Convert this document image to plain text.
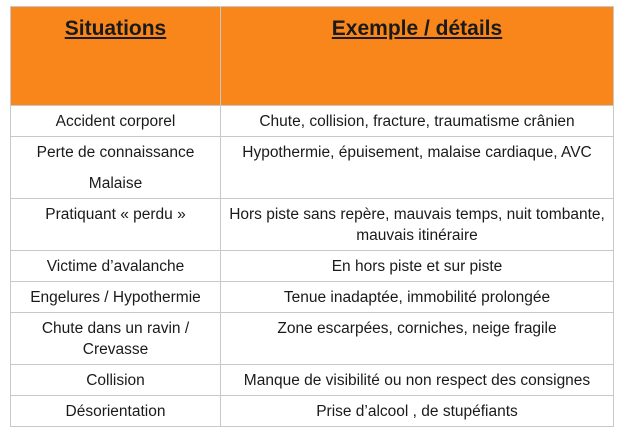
Situations	Exemple / détails

Accident corporel	Chute, collision, fracture, traumatisme crânien

Perte de connaissance
Malaise	Hypothermie, épuisement, malaise cardiaque, AVC

Pratiquant « perdu »	Hors piste sans repère, mauvais temps, nuit tombante, mauvais itinéraire

Victime d’avalanche	En hors piste et sur piste

Engelures / Hypothermie	Tenue inadaptée, immobilité prolongée

Chute dans un ravin / Crevasse	Zone escarpées, corniches, neige fragile

Collision	Manque de visibilité ou non respect des consignes

Désorientation	Prise d’alcool , de stupéfiants
